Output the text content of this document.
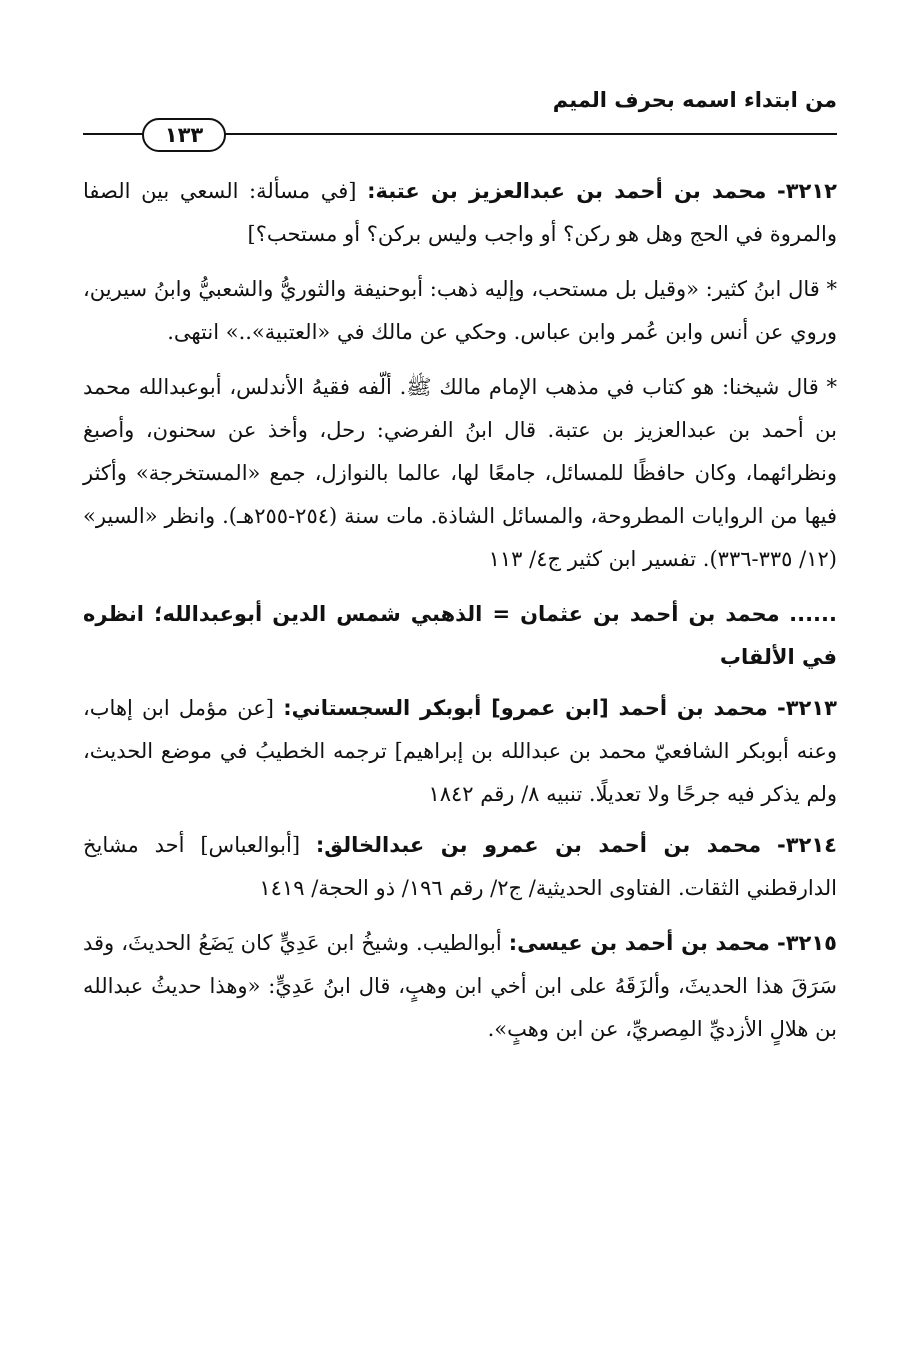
من ابتداء اسمه بحرف الميم
١٣٣

٣٢١٢- محمد بن أحمد بن عبدالعزيز بن عتبة: [في مسألة: السعي بين الصفا والمروة في الحج وهل هو ركن؟ أو واجب وليس بركن؟ أو مستحب؟]

* قال ابنُ كثير: «وقيل بل مستحب، وإليه ذهب: أبوحنيفة والثوريُّ والشعبيُّ وابنُ سيرين، وروي عن أنس وابن عُمر وابن عباس. وحكي عن مالك في «العتبية»..» انتهى.

* قال شيخنا: هو كتاب في مذهب الإمام مالك ﷺ. ألّفه فقيهُ الأندلس، أبوعبدالله محمد بن أحمد بن عبدالعزيز بن عتبة. قال ابنُ الفرضي: رحل، وأخذ عن سحنون، وأصبغ ونظرائهما، وكان حافظًا للمسائل، جامعًا لها، عالما بالنوازل، جمع «المستخرجة» وأكثر فيها من الروايات المطروحة، والمسائل الشاذة. مات سنة (٢٥٤-٢٥٥هـ). وانظر «السير» (١٢/ ٣٣٥-٣٣٦). تفسير ابن كثير ج٤/ ١١٣

...... محمد بن أحمد بن عثمان = الذهبي شمس الدين أبوعبدالله؛ انظره في الألقاب

٣٢١٣- محمد بن أحمد [ابن عمرو] أبوبكر السجستاني: [عن مؤمل ابن إهاب، وعنه أبوبكر الشافعيّ محمد بن عبدالله بن إبراهيم] ترجمه الخطيبُ في موضع الحديث، ولم يذكر فيه جرحًا ولا تعديلًا. تنبيه ٨/ رقم ١٨٤٢

٣٢١٤- محمد بن أحمد بن عمرو بن عبدالخالق: [أبوالعباس] أحد مشايخ الدارقطني الثقات. الفتاوى الحديثية/ ج٢/ رقم ١٩٦/ ذو الحجة/ ١٤١٩

٣٢١٥- محمد بن أحمد بن عيسى: أبوالطيب. وشيخُ ابن عَدِيٍّ كان يَضَعُ الحديثَ، وقد سَرَقَ هذا الحديثَ، وألزَقَهُ على ابن أخي ابن وهبٍ، قال ابنُ عَدِيٍّ: «وهذا حديثُ عبدالله بن هلالٍ الأزديِّ المِصريِّ، عن ابن وهبٍ».
